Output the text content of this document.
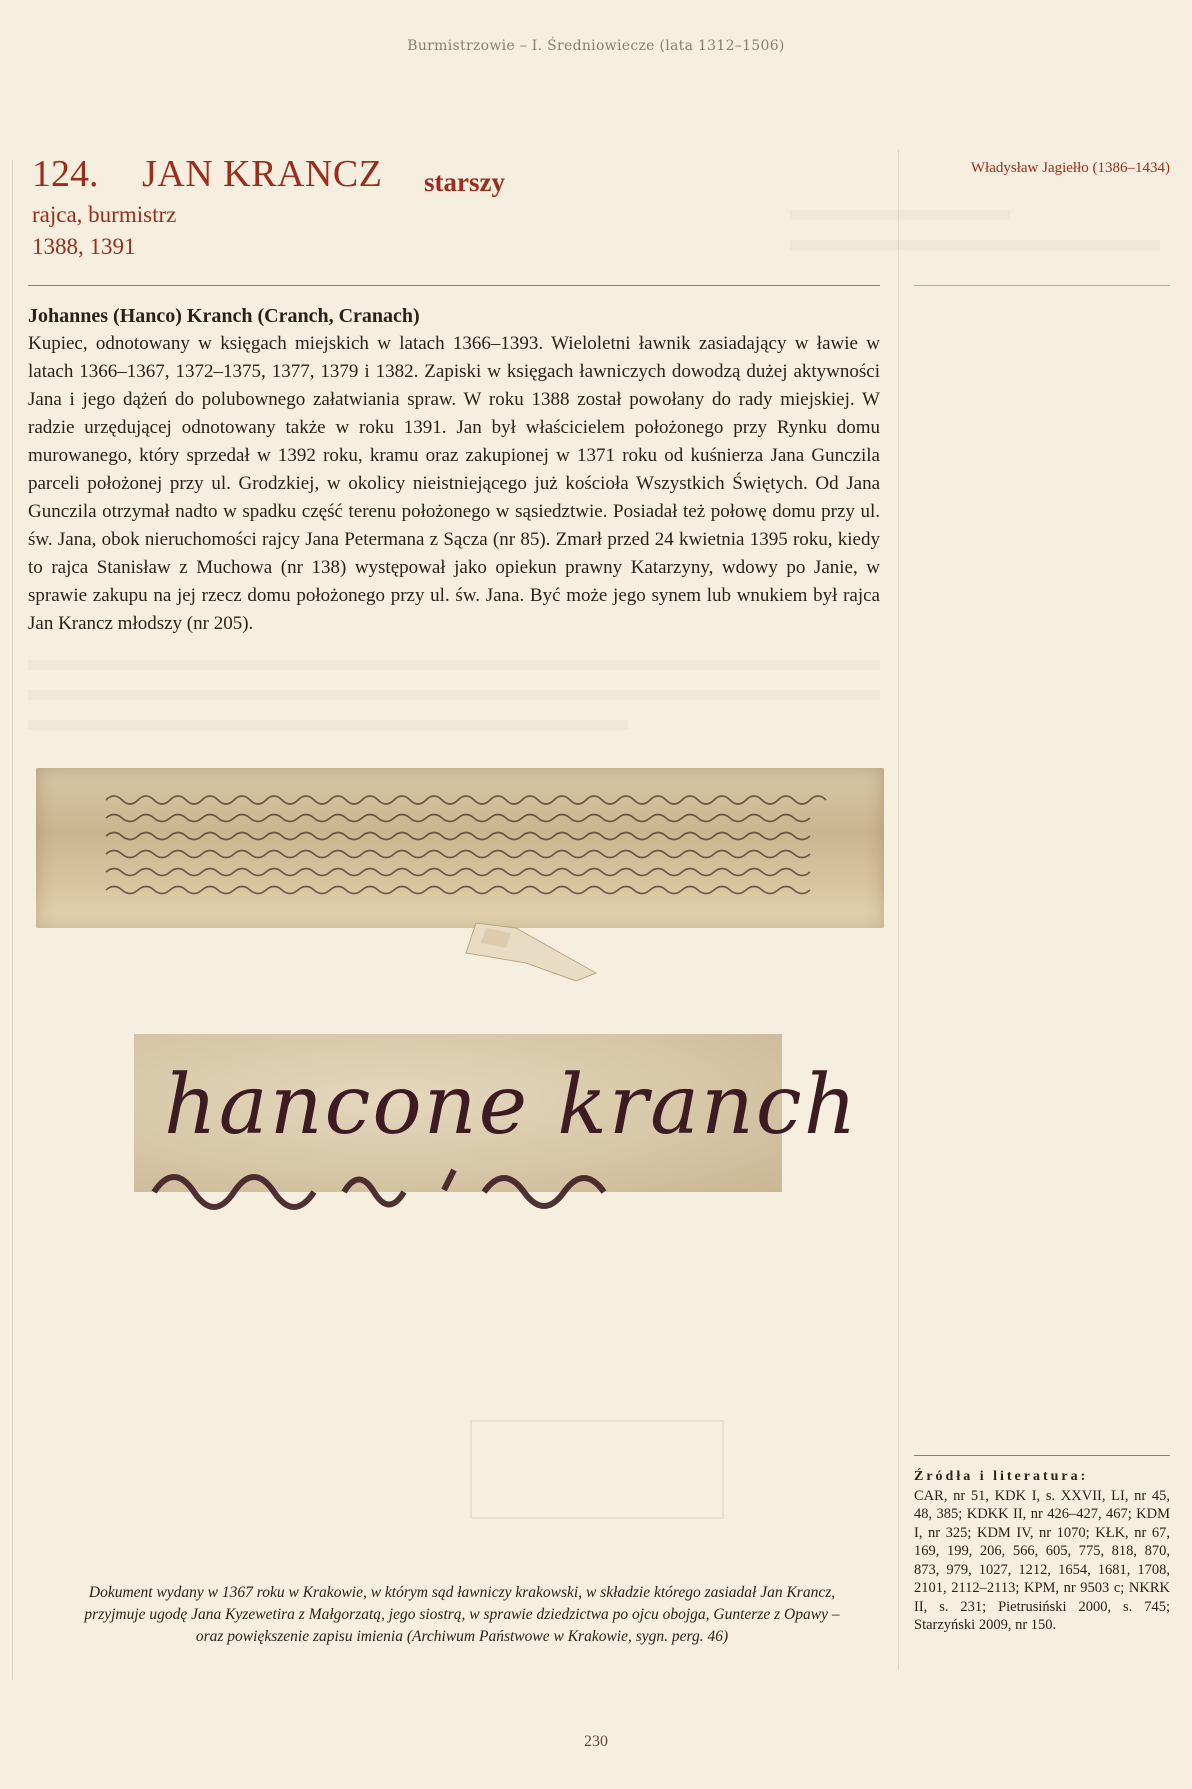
Burmistrzowie – I. Średniowiecze (lata 1312–1506)
124. JAN KRANCZ starszy
rajca, burmistrz
1388, 1391
Władysław Jagiełło (1386–1434)
Johannes (Hanco) Kranch (Cranch, Cranach)
Kupiec, odnotowany w księgach miejskich w latach 1366–1393. Wieloletni ławnik zasiadający w ławie w latach 1366–1367, 1372–1375, 1377, 1379 i 1382. Zapiski w księgach ławniczych dowodzą dużej aktywności Jana i jego dążeń do polubownego załatwiania spraw. W roku 1388 został powołany do rady miejskiej. W radzie urzędującej odnotowany także w roku 1391. Jan był właścicielem położonego przy Rynku domu murowanego, który sprzedał w 1392 roku, kramu oraz zakupionej w 1371 roku od kuśnierza Jana Gunczila parceli położonej przy ul. Grodzkiej, w okolicy nieistniejącego już kościoła Wszystkich Świętych. Od Jana Gunczila otrzymał nadto w spadku część terenu położonego w sąsiedztwie. Posiadał też połowę domu przy ul. św. Jana, obok nieruchomości rajcy Jana Petermana z Sącza (nr 85). Zmarł przed 24 kwietnia 1395 roku, kiedy to rajca Stanisław z Muchowa (nr 138) występował jako opiekun prawny Katarzyny, wdowy po Janie, w sprawie zakupu na jej rzecz domu położonego przy ul. św. Jana. Być może jego synem lub wnukiem był rajca Jan Krancz młodszy (nr 205).
hancone kranch
Dokument wydany w 1367 roku w Krakowie, w którym sąd ławniczy krakowski, w składzie którego zasiadał Jan Krancz,
przyjmuje ugodę Jana Kyzewetira z Małgorzatą, jego siostrą, w sprawie dziedzictwa po ojcu obojga, Gunterze z Opawy –
oraz powiększenie zapisu imienia (Archiwum Państwowe w Krakowie, sygn. perg. 46)
Źródła i literatura:
CAR, nr 51, KDK I, s. XXVII, LI, nr 45, 48, 385; KDKK II, nr 426–427, 467; KDM I, nr 325; KDM IV, nr 1070; KŁK, nr 67, 169, 199, 206, 566, 605, 775, 818, 870, 873, 979, 1027, 1212, 1654, 1681, 1708, 2101, 2112–2113; KPM, nr 9503 c; NKRK II, s. 231; Pietrusiński 2000, s. 745; Starzyński 2009, nr 150.
230
